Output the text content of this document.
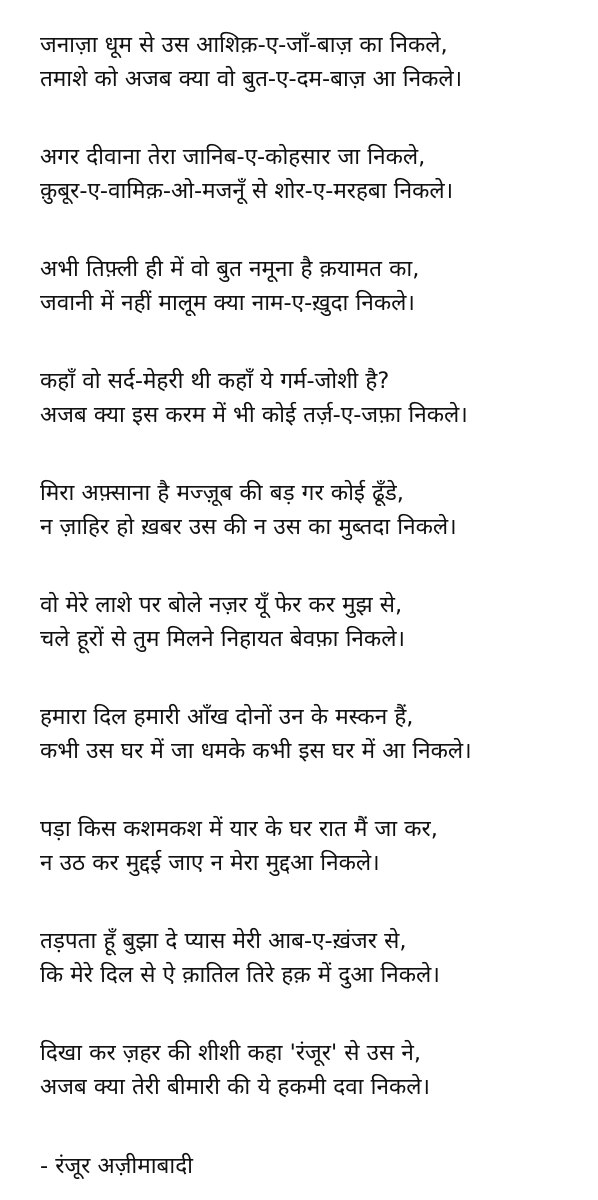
जनाज़ा धूम से उस आशिक़-ए-जाँ-बाज़ का निकले,
तमाशे को अजब क्या वो बुत-ए-दम-बाज़ आ निकले।
अगर दीवाना तेरा जानिब-ए-कोहसार जा निकले,
क़ुबूर-ए-वामिक़-ओ-मजनूँ से शोर-ए-मरहबा निकले।
अभी तिफ़्ली ही में वो बुत नमूना है क़यामत का,
जवानी में नहीं मालूम क्या नाम-ए-ख़ुदा निकले।
कहाँ वो सर्द-मेहरी थी कहाँ ये गर्म-जोशी है?
अजब क्या इस करम में भी कोई तर्ज़-ए-जफ़ा निकले।
मिरा अफ़्साना है मज्ज़ूब की बड़ गर कोई ढूँडे,
न ज़ाहिर हो ख़बर उस की न उस का मुब्तदा निकले।
वो मेरे लाशे पर बोले नज़र यूँ फेर कर मुझ से,
चले हूरों से तुम मिलने निहायत बेवफ़ा निकले।
हमारा दिल हमारी आँख दोनों उन के मस्कन हैं,
कभी उस घर में जा धमके कभी इस घर में आ निकले।
पड़ा किस कशमकश में यार के घर रात मैं जा कर,
न उठ कर मुद्दई जाए न मेरा मुद्दआ निकले।
तड़पता हूँ बुझा दे प्यास मेरी आब-ए-ख़ंजर से,
कि मेरे दिल से ऐ क़ातिल तिरे हक़ में दुआ निकले।
दिखा कर ज़हर की शीशी कहा 'रंजूर' से उस ने,
अजब क्या तेरी बीमारी की ये हकमी दवा निकले।
- रंजूर अज़ीमाबादी
